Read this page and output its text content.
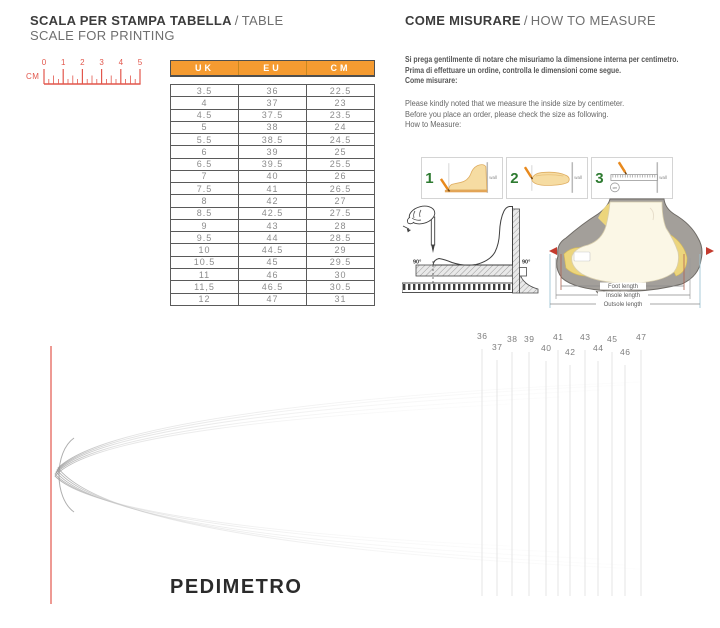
SCALA PER STAMPA
SCALE FOR PRINTING
CM
0 1 2 3 4 5
TABELLA / TABLE
UK	EU	CM
3.5	36	22.5
4	37	23
4.5	37.5	23.5
5	38	24
5.5	38.5	24.5
6	39	25
6.5	39.5	25.5
7	40	26
7.5	41	26.5
8	42	27
8.5	42.5	27.5
9	43	28
9.5	44	28.5
10	44.5	29
10.5	45	29.5
11	46	30
11,5	46.5	30.5
12	47	31
COME MISURARE / HOW TO MEASURE
Si prega gentilmente di notare che misuriamo la dimensione interna per centimetro.
Prima di effettuare un ordine, controlla le dimensioni come segue.
Come misurare:
Please kindly noted that we measure the inside size by centimeter.
Before you place an order, please check the size as following.
How to Measure:
1	wall 2	wall 3
cm
wall
90°	90°
Foot length
Insole length
Outsole length
PEDIMETRO
36
37
38 39
40
41
42
43
44
45
46
47
